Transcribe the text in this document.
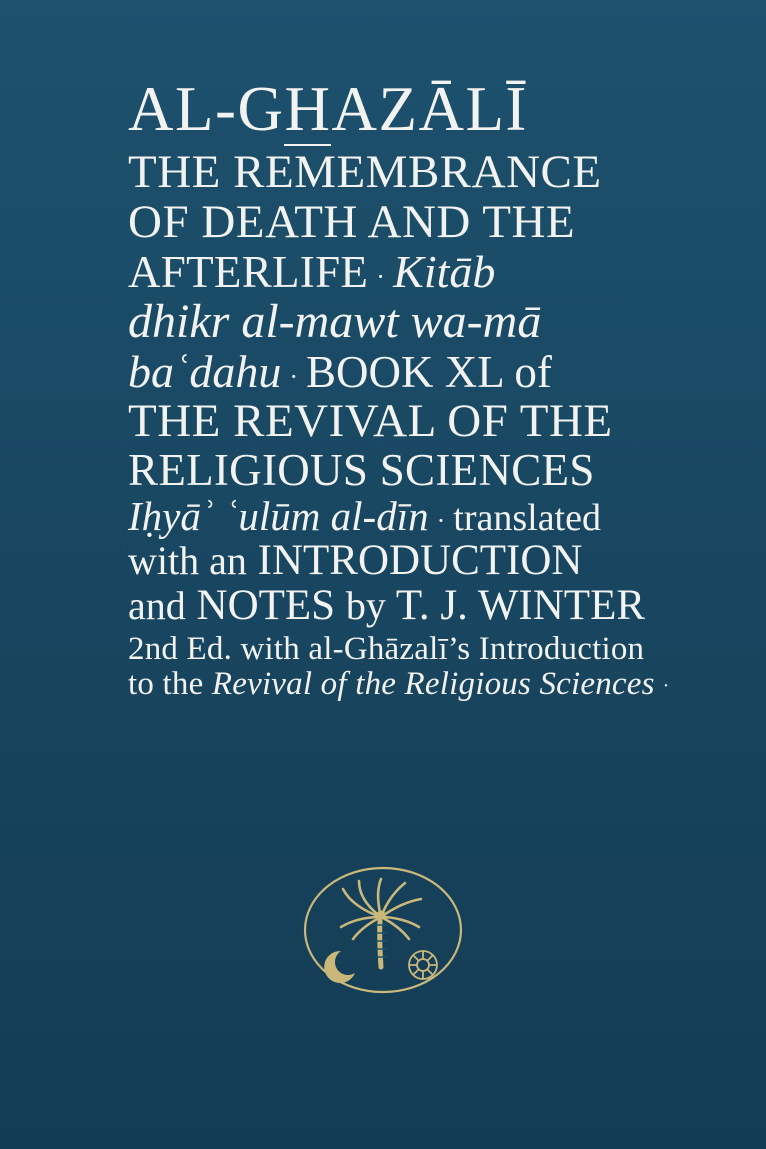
AL-GHAZĀLĪ
THE REMEMBRANCE
OF DEATH AND THE
AFTERLIFE · Kitāb
dhikr al-mawt wa-mā
baʿdahu · BOOK XL of
THE REVIVAL OF THE
RELIGIOUS SCIENCES
Iḥyāʾ ʿulūm al-dīn · translated
with an INTRODUCTION
and NOTES by T. J. WINTER
2nd Ed. with al-Ghāzalī’s Introduction
to the Revival of the Religious Sciences ·
